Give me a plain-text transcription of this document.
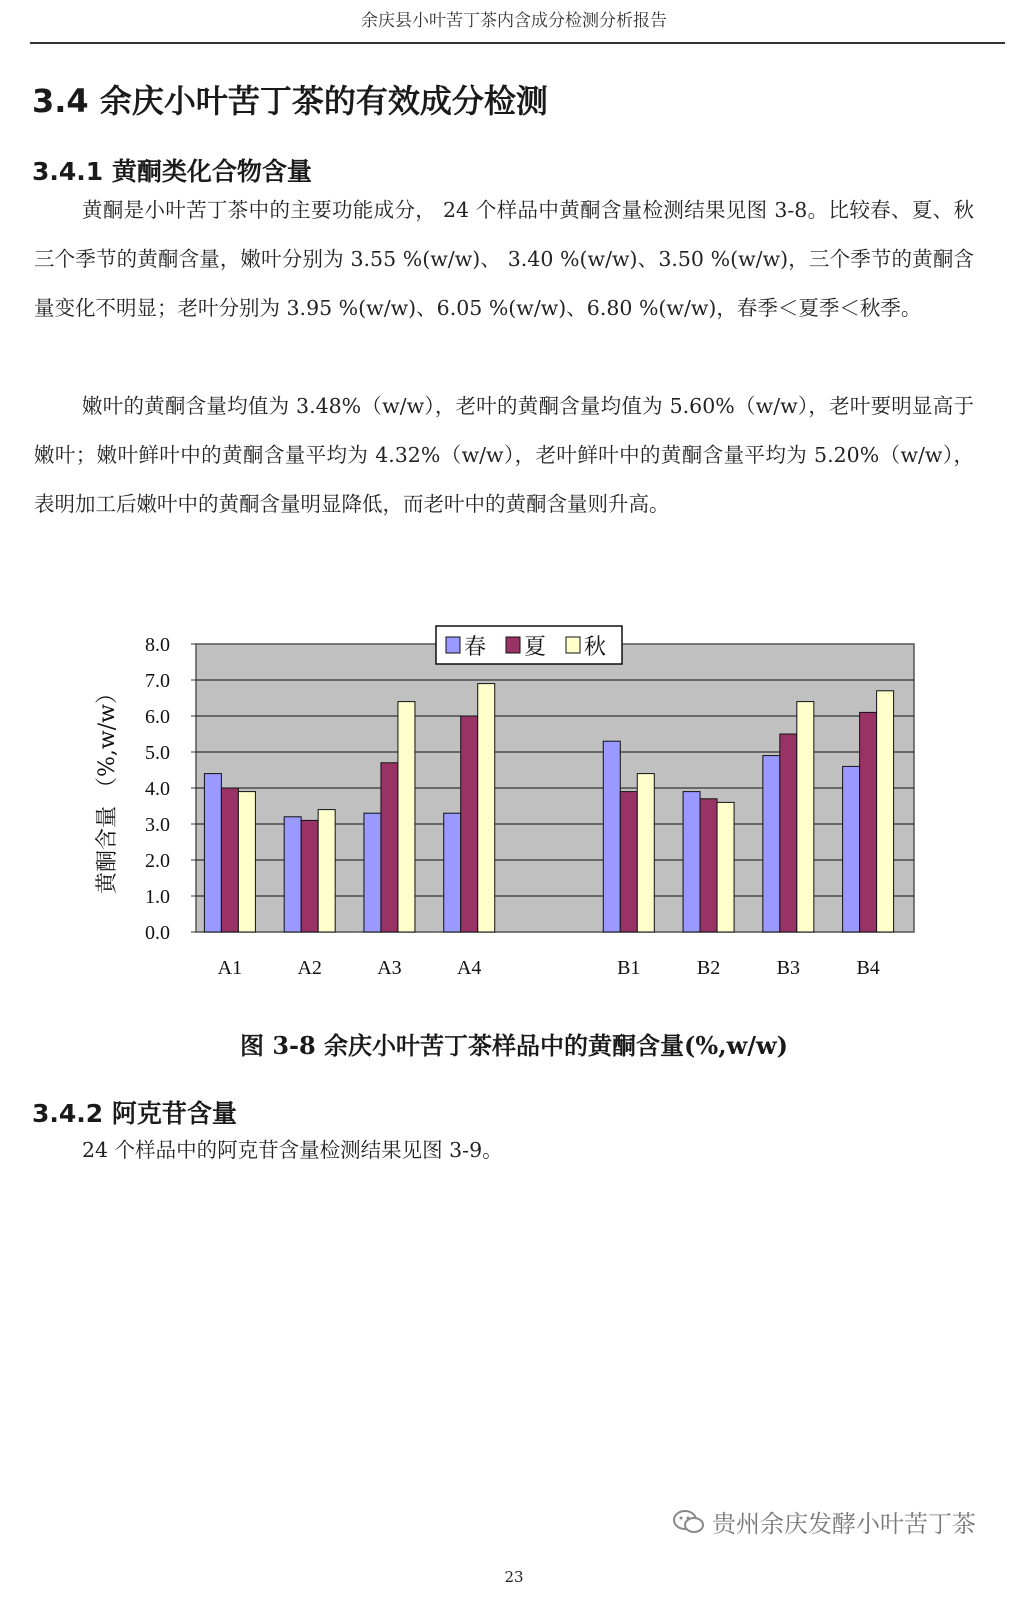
余庆县小叶苦丁茶内含成分检测分析报告
3.4 余庆小叶苦丁茶的有效成分检测
3.4.1 黄酮类化合物含量

黄酮是小叶苦丁茶中的主要功能成分， 24 个样品中黄酮含量检测结果见图 3-8。比较春、夏、秋三个季节的黄酮含量，嫩叶分别为 3.55 %(w/w)、 3.40 %(w/w)、3.50 %(w/w)，三个季节的黄酮含量变化不明显；老叶分别为 3.95 %(w/w)、6.05 %(w/w)、6.80 %(w/w)，春季＜夏季＜秋季。

嫩叶的黄酮含量均值为 3.48%（w/w），老叶的黄酮含量均值为 5.60%（w/w），老叶要明显高于嫩叶；嫩叶鲜叶中的黄酮含量平均为 4.32%（w/w），老叶鲜叶中的黄酮含量平均为 5.20%（w/w），表明加工后嫩叶中的黄酮含量明显降低，而老叶中的黄酮含量则升高。

0.0
1.0
2.0
3.0
4.0
5.0
6.0
7.0
8.0
黄酮含量 （%,w/w）
A1	A2	A3	A4	B1	B2	B3	B4
春 夏 秋
图 3-8 余庆小叶苦丁茶样品中的黄酮含量(%,w/w)
3.4.2 阿克苷含量

24 个样品中的阿克苷含量检测结果见图 3-9。

贵州余庆发酵小叶苦丁茶
23
